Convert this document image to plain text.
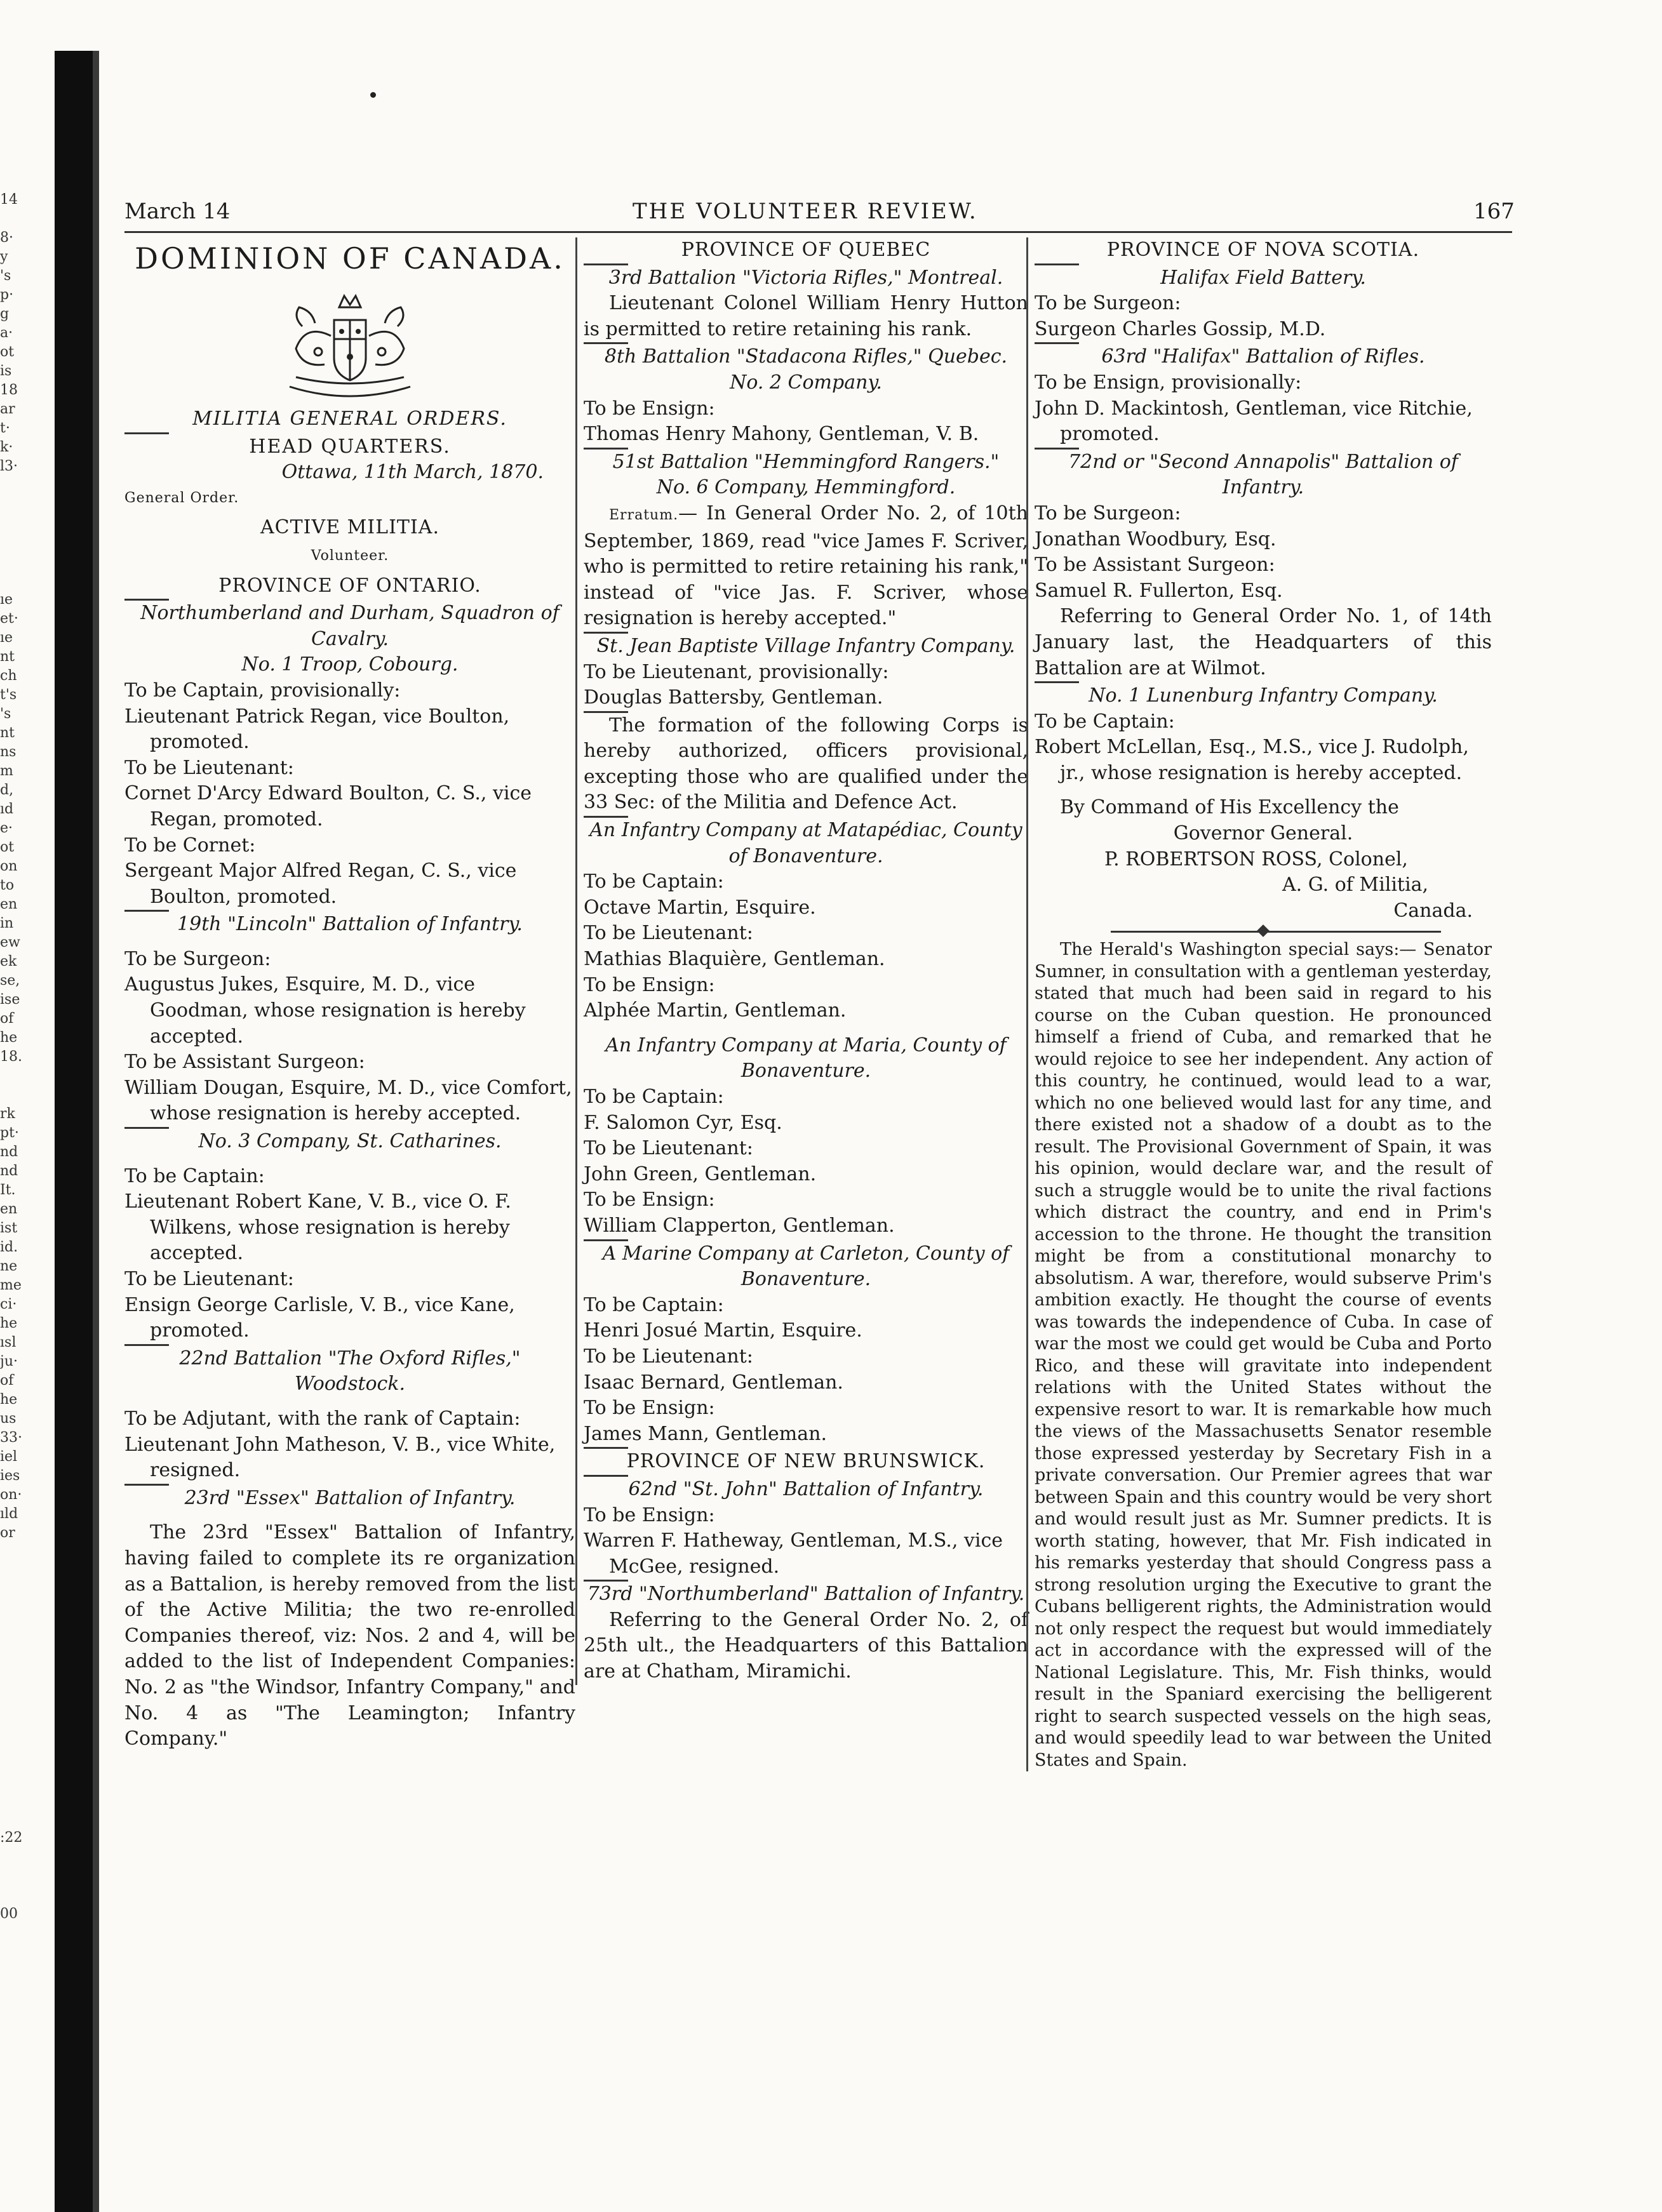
14
8·
y
's
p·
g
a·
ot
is
18
ar
t·
k·
l3·
ıe
et·
ıe
nt
ch
t's
's
nt
ns
m
d,
ıd
e·
ot
on
to
en
in
ew
ek
se,
ise
of
he
18.
rk
pt·
nd
nd
It.
en
ist
id.
ne
me
ci·
he
ısl
ju·
of
he
us
33·
iel
ies
on·
ıld
or
:22
00
March 14	THE VOLUNTEER REVIEW.	167
DOMINION OF CANADA.
MILITIA GENERAL ORDERS.
HEAD QUARTERS.
Ottawa, 11th March, 1870.
General Order.
ACTIVE MILITIA.
Volunteer.
PROVINCE OF ONTARIO.
Northumberland and Durham, Squadron of Cavalry.
No. 1 Troop, Cobourg.
To be Captain, provisionally:
Lieutenant Patrick Regan, vice Boulton, promoted.
To be Lieutenant:
Cornet D'Arcy Edward Boulton, C. S., vice Regan, promoted.
To be Cornet:
Sergeant Major Alfred Regan, C. S., vice Boulton, promoted.
19th "Lincoln" Battalion of Infantry.
To be Surgeon:
Augustus Jukes, Esquire, M. D., vice Goodman, whose resignation is hereby accepted.
To be Assistant Surgeon:
William Dougan, Esquire, M. D., vice Comfort, whose resignation is hereby accepted.
No. 3 Company, St. Catharines.
To be Captain:
Lieutenant Robert Kane, V. B., vice O. F. Wilkens, whose resignation is hereby accepted.
To be Lieutenant:
Ensign George Carlisle, V. B., vice Kane, promoted.
22nd Battalion "The Oxford Rifles," Woodstock.
To be Adjutant, with the rank of Captain:
Lieutenant John Matheson, V. B., vice White, resigned.
23rd "Essex" Battalion of Infantry.

The 23rd "Essex" Battalion of Infantry, having failed to complete its re organization as a Battalion, is hereby removed from the list of the Active Militia; the two re-enrolled Companies thereof, viz: Nos. 2 and 4, will be added to the list of Independent Companies: No. 2 as "the Windsor, Infantry Company," and No. 4 as "The Leamington; Infantry Company."

PROVINCE OF QUEBEC
3rd Battalion "Victoria Rifles," Montreal.

Lieutenant Colonel William Henry Hutton is permitted to retire retaining his rank.

8th Battalion "Stadacona Rifles," Quebec.
No. 2 Company.
To be Ensign:
Thomas Henry Mahony, Gentleman, V. B.
51st Battalion "Hemmingford Rangers."
No. 6 Company, Hemmingford.

Erratum.— In General Order No. 2, of 10th September, 1869, read "vice James F. Scriver, who is permitted to retire retaining his rank," instead of "vice Jas. F. Scriver, whose resignation is hereby accepted."

St. Jean Baptiste Village Infantry Company.
To be Lieutenant, provisionally:
Douglas Battersby, Gentleman.

The formation of the following Corps is hereby authorized, officers provisional, excepting those who are qualified under the 33 Sec: of the Militia and Defence Act.

An Infantry Company at Matapédiac, County of Bonaventure.
To be Captain:
Octave Martin, Esquire.
To be Lieutenant:
Mathias Blaquière, Gentleman.
To be Ensign:
Alphée Martin, Gentleman.
An Infantry Company at Maria, County of Bonaventure.
To be Captain:
F. Salomon Cyr, Esq.
To be Lieutenant:
John Green, Gentleman.
To be Ensign:
William Clapperton, Gentleman.
A Marine Company at Carleton, County of Bonaventure.
To be Captain:
Henri Josué Martin, Esquire.
To be Lieutenant:
Isaac Bernard, Gentleman.
To be Ensign:
James Mann, Gentleman.
PROVINCE OF NEW BRUNSWICK.
62nd "St. John" Battalion of Infantry.
To be Ensign:
Warren F. Hatheway, Gentleman, M.S., vice McGee, resigned.
73rd "Northumberland" Battalion of Infantry.

Referring to the General Order No. 2, of 25th ult., the Headquarters of this Battalion are at Chatham, Miramichi.

PROVINCE OF NOVA SCOTIA.
Halifax Field Battery.
To be Surgeon:
Surgeon Charles Gossip, M.D.
63rd "Halifax" Battalion of Rifles.
To be Ensign, provisionally:
John D. Mackintosh, Gentleman, vice Ritchie, promoted.
72nd or "Second Annapolis" Battalion of Infantry.
To be Surgeon:
Jonathan Woodbury, Esq.
To be Assistant Surgeon:
Samuel R. Fullerton, Esq.

Referring to General Order No. 1, of 14th January last, the Headquarters of this Battalion are at Wilmot.

No. 1 Lunenburg Infantry Company.
To be Captain:
Robert McLellan, Esq., M.S., vice J. Rudolph, jr., whose resignation is hereby accepted.
By Command of His Excellency the
Governor General.
P. ROBERTSON ROSS, Colonel,
A. G. of Militia,
Canada.

The Herald's Washington special says:— Senator Sumner, in consultation with a gentleman yesterday, stated that much had been said in regard to his course on the Cuban question. He pronounced himself a friend of Cuba, and remarked that he would rejoice to see her independent. Any action of this country, he continued, would lead to a war, which no one believed would last for any time, and there existed not a shadow of a doubt as to the result. The Provisional Government of Spain, it was his opinion, would declare war, and the result of such a struggle would be to unite the rival factions which distract the country, and end in Prim's accession to the throne. He thought the transition might be from a constitutional monarchy to absolutism. A war, therefore, would subserve Prim's ambition exactly. He thought the course of events was towards the independence of Cuba. In case of war the most we could get would be Cuba and Porto Rico, and these will gravitate into independent relations with the United States without the expensive resort to war. It is remarkable how much the views of the Massachusetts Senator resemble those expressed yesterday by Secretary Fish in a private conversation. Our Premier agrees that war between Spain and this country would be very short and would result just as Mr. Sumner predicts. It is worth stating, however, that Mr. Fish indicated in his remarks yesterday that should Congress pass a strong resolution urging the Executive to grant the Cubans belligerent rights, the Administration would not only respect the request but would immediately act in accordance with the expressed will of the National Legislature. This, Mr. Fish thinks, would result in the Spaniard exercising the belligerent right to search suspected vessels on the high seas, and would speedily lead to war between the United States and Spain.
